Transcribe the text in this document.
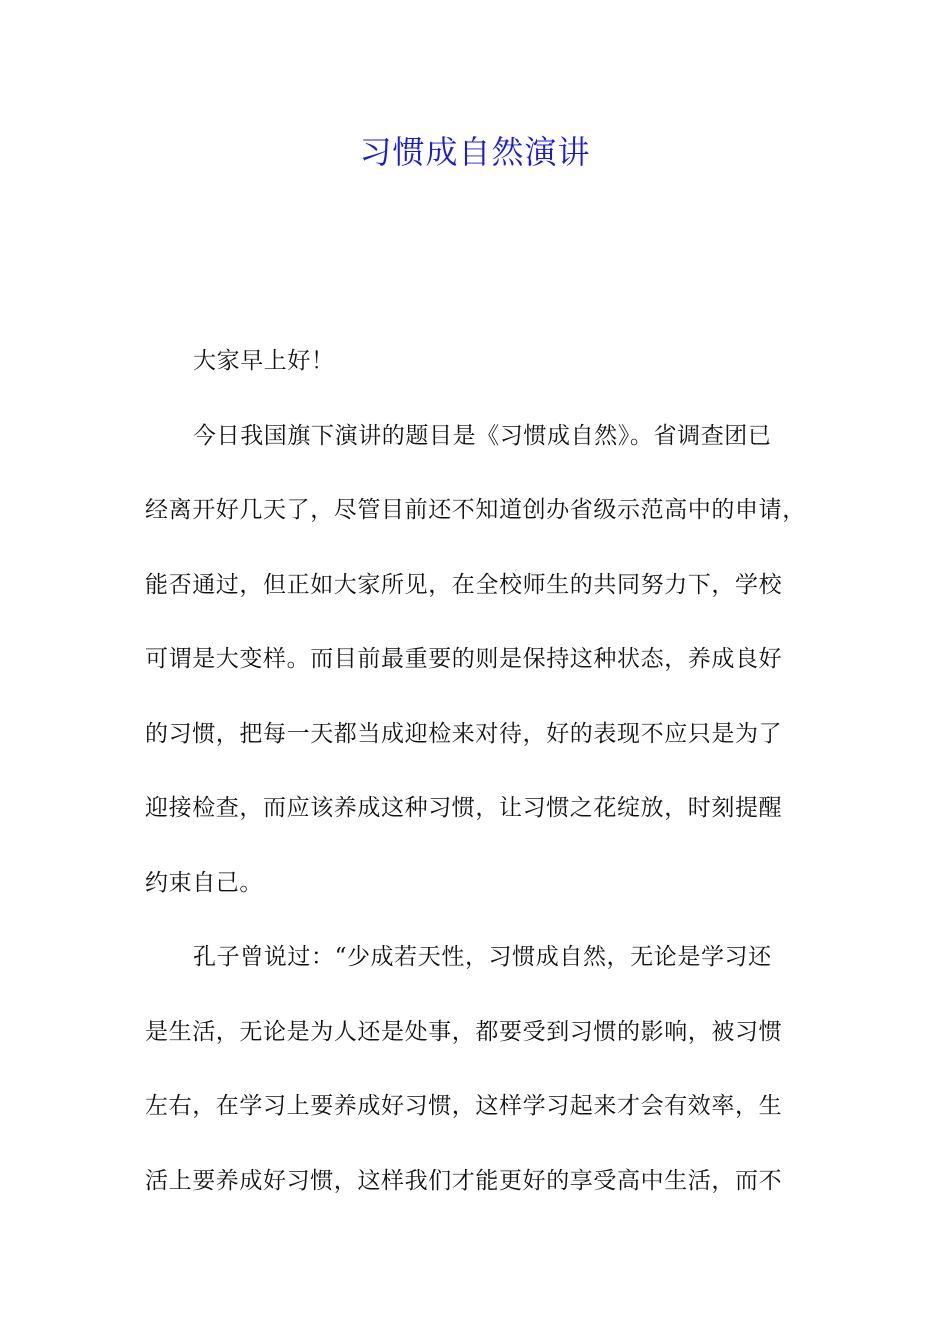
习惯成自然演讲
大家早上好！
今日我国旗下演讲的题目是《习惯成自然》。省调查团已
经离开好几天了，尽管目前还不知道创办省级示范高中的申请，
能否通过，但正如大家所见，在全校师生的共同努力下，学校
可谓是大变样。而目前最重要的则是保持这种状态，养成良好
的习惯，把每一天都当成迎检来对待，好的表现不应只是为了
迎接检查，而应该养成这种习惯，让习惯之花绽放，时刻提醒
约束自己。
孔子曾说过：“少成若天性，习惯成自然，无论是学习还
是生活，无论是为人还是处事，都要受到习惯的影响，被习惯
左右，在学习上要养成好习惯，这样学习起来才会有效率，生
活上要养成好习惯，这样我们才能更好的享受高中生活，而不
